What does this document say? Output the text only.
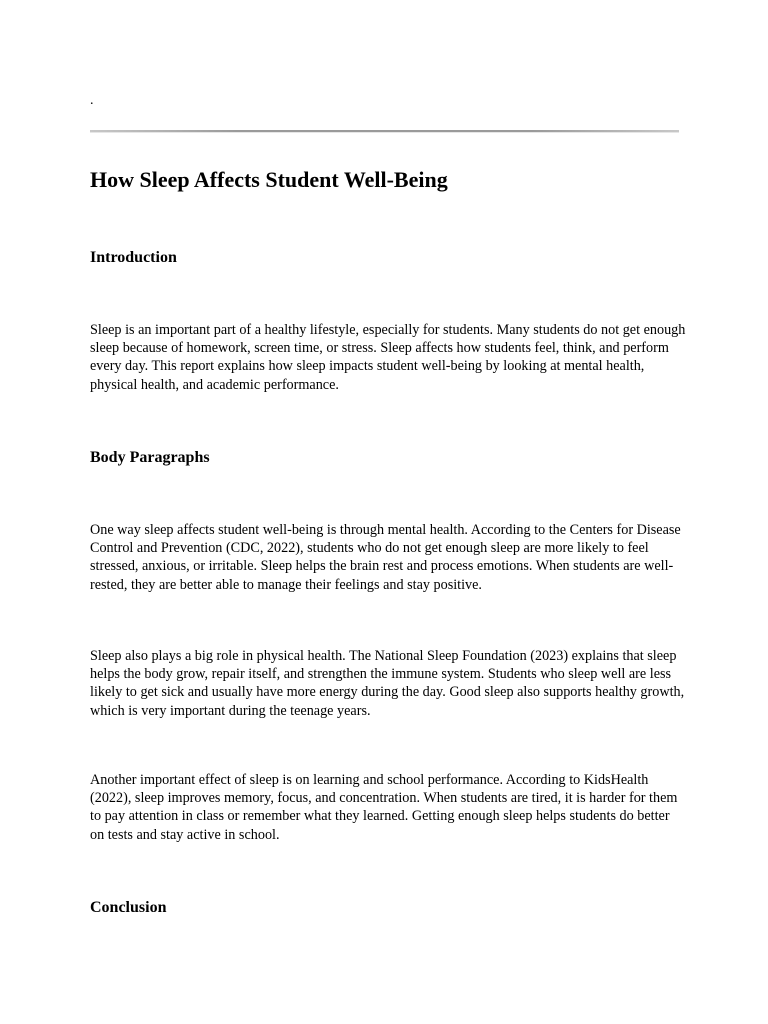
.
How Sleep Affects Student Well-Being
Introduction

Sleep is an important part of a healthy lifestyle, especially for students. Many students do not get enough sleep because of homework, screen time, or stress. Sleep affects how students feel, think, and perform every day. This report explains how sleep impacts student well-being by looking at mental health, physical health, and academic performance.

Body Paragraphs

One way sleep affects student well-being is through mental health. According to the Centers for Disease Control and Prevention (CDC, 2022), students who do not get enough sleep are more likely to feel stressed, anxious, or irritable. Sleep helps the brain rest and process emotions. When students are well-rested, they are better able to manage their feelings and stay positive.

Sleep also plays a big role in physical health. The National Sleep Foundation (2023) explains that sleep helps the body grow, repair itself, and strengthen the immune system. Students who sleep well are less likely to get sick and usually have more energy during the day. Good sleep also supports healthy growth, which is very important during the teenage years.

Another important effect of sleep is on learning and school performance. According to KidsHealth (2022), sleep improves memory, focus, and concentration. When students are tired, it is harder for them to pay attention in class or remember what they learned. Getting enough sleep helps students do better on tests and stay active in school.

Conclusion
